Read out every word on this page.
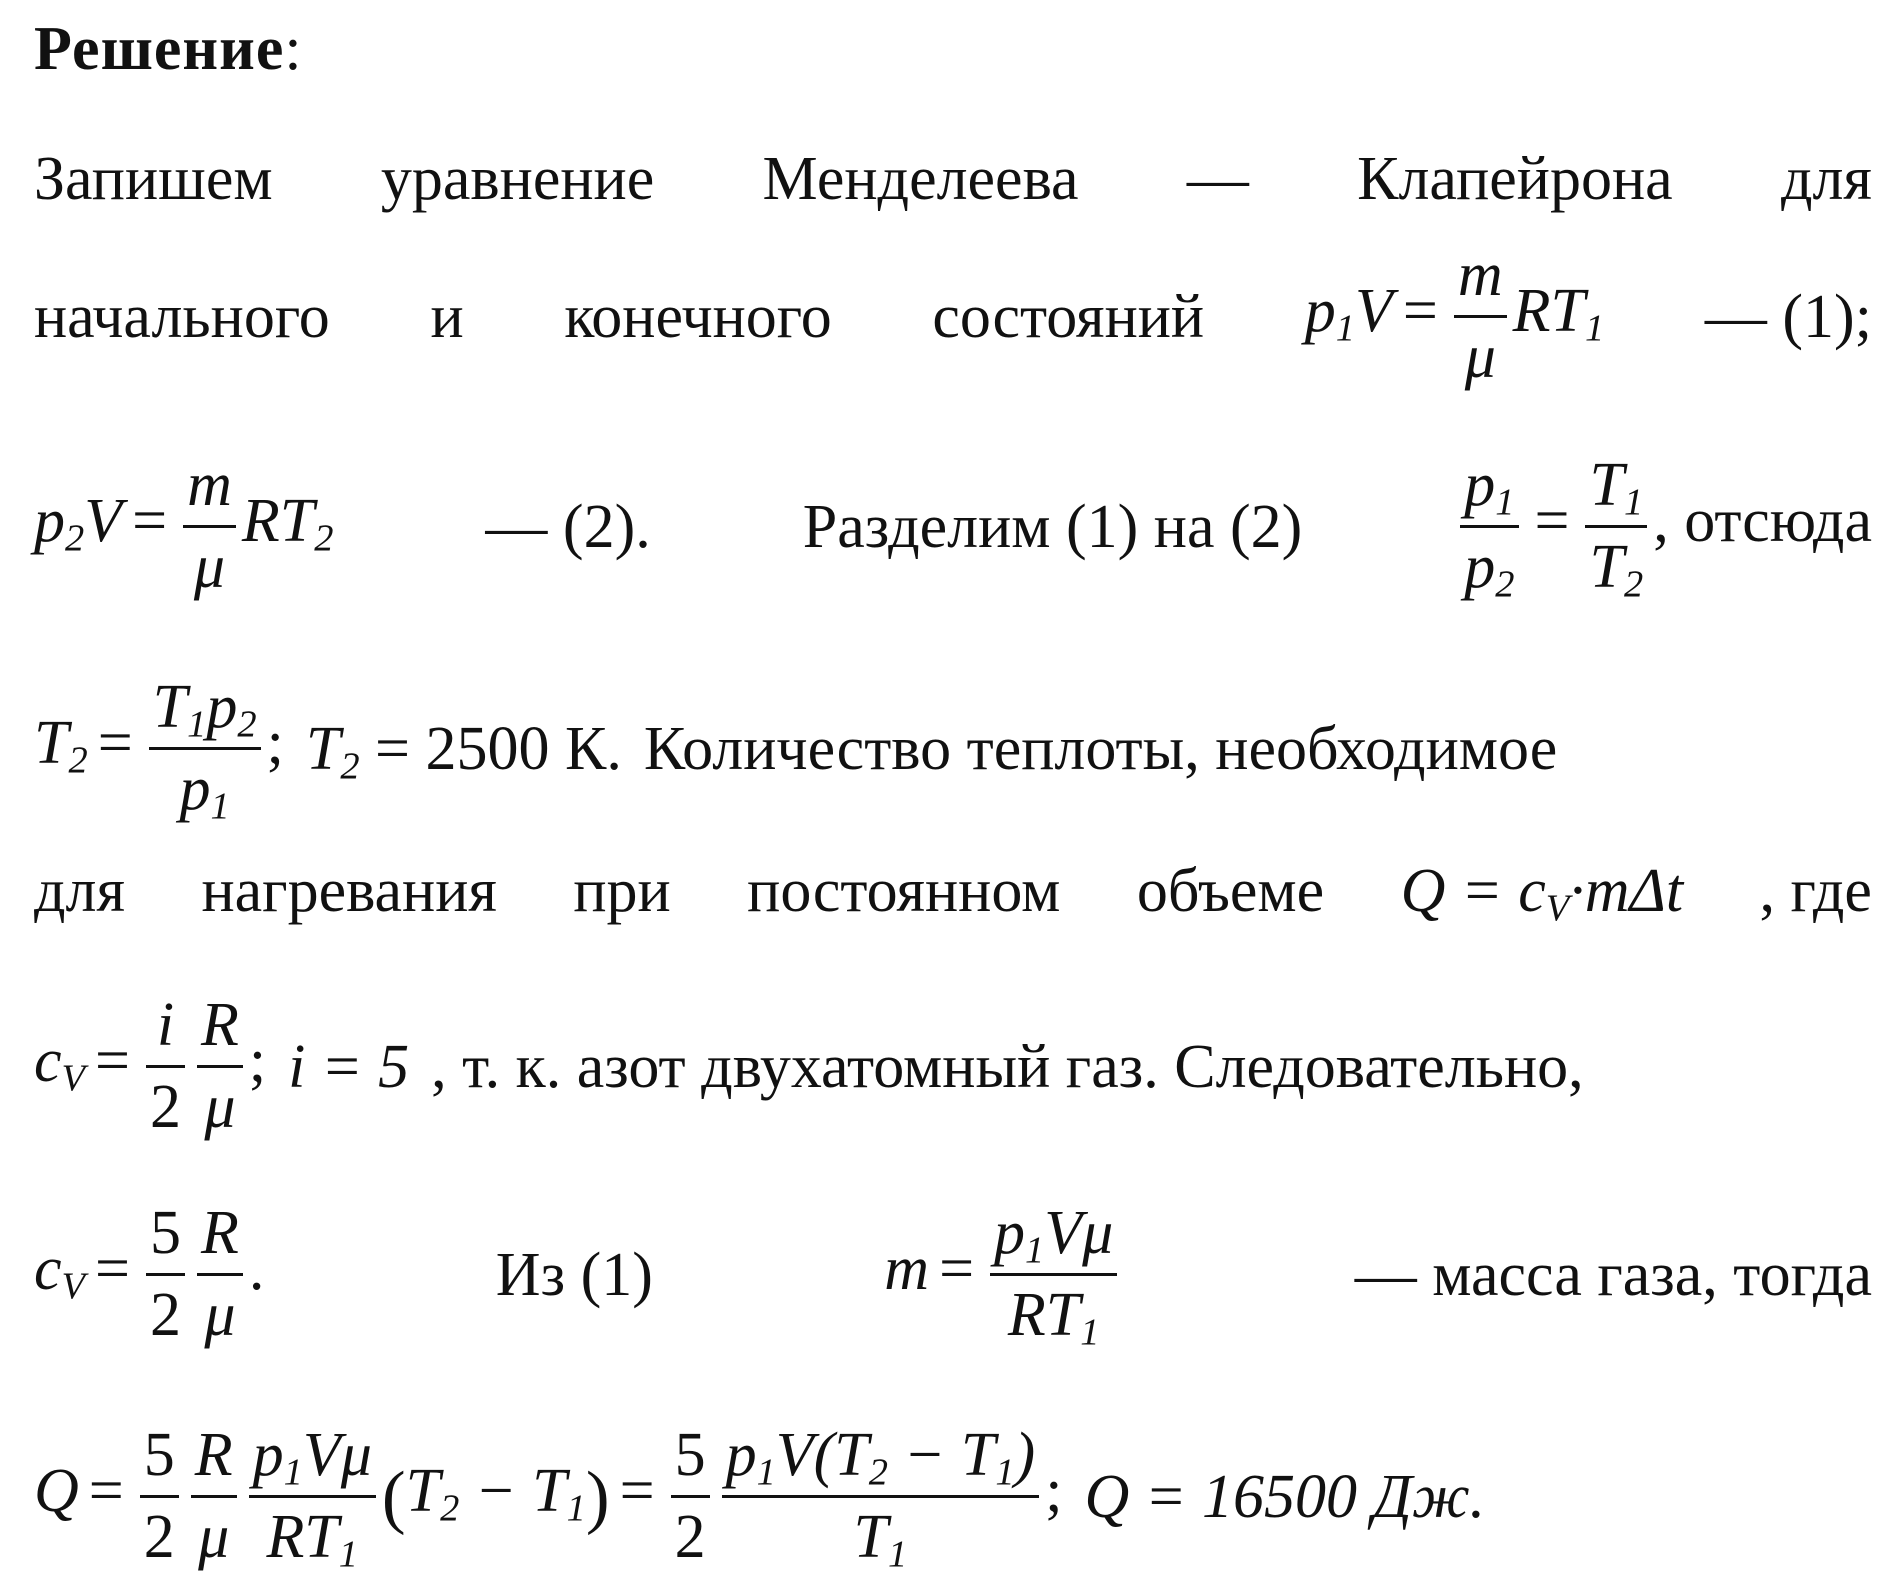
Решение:
Запишем уравнение Менделеева — Клапейрона для
начального и конечного состояний $p_1V = \frac{m}{\mu} RT_1$ — (1);
$p_2V = \frac{m}{\mu} RT_2$ — (2). Разделим (1) на (2)	$\frac{p_1}{p_2} = \frac{T_1}{T_2}$ , отсюда
$T_2 = \frac{T_1p_2}{p_1}$ ; $T_2 = 2500$ К. Количество теплоты, необходимое
для нагревания при постоянном объеме $Q = c_V\cdot m\Delta t$ , где
$c_V = \frac{i}{2} \frac{R}{\mu}$ ; i = 5 , т. к. азот двухатомный газ. Следовательно,
$c_V = \frac{5}{2} \frac{R}{\mu}$ .	Из (1)	$m = \frac{p_1V\mu}{RT_1}$	— масса газа, тогда
$Q = \frac{5}{2} \frac{R}{\mu} \frac{p_1V\mu}{RT_1} (T_2 - T_1) = \frac{5}{2} \frac{p_1V(T_2 - T_1)}{T_1}$ ; Q = 16500 Дж.
